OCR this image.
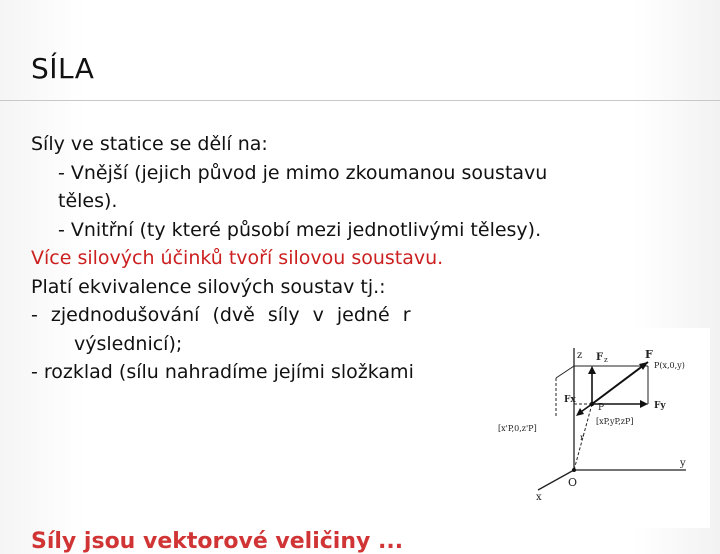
SÍLA
Síly ve statice se dělí na:
- Vnější (jejich původ je mimo zkoumanou soustavu
těles).
- Vnitřní (ty které působí mezi jednotlivými tělesy).
Více silových účinků tvoří silovou soustavu.
Platí ekvivalence silových soustav tj.:
- zjednodušování (dvě síly v jedné r
výslednicí);
- rozklad (sílu nahradíme jejími složkami
z
y
x
O
F z	F
P(x,0,y)
Fx
Fy
P
[x'P,0,z'P]
[xP,yP,zP]
r
Síly jsou vektorové veličiny ...
